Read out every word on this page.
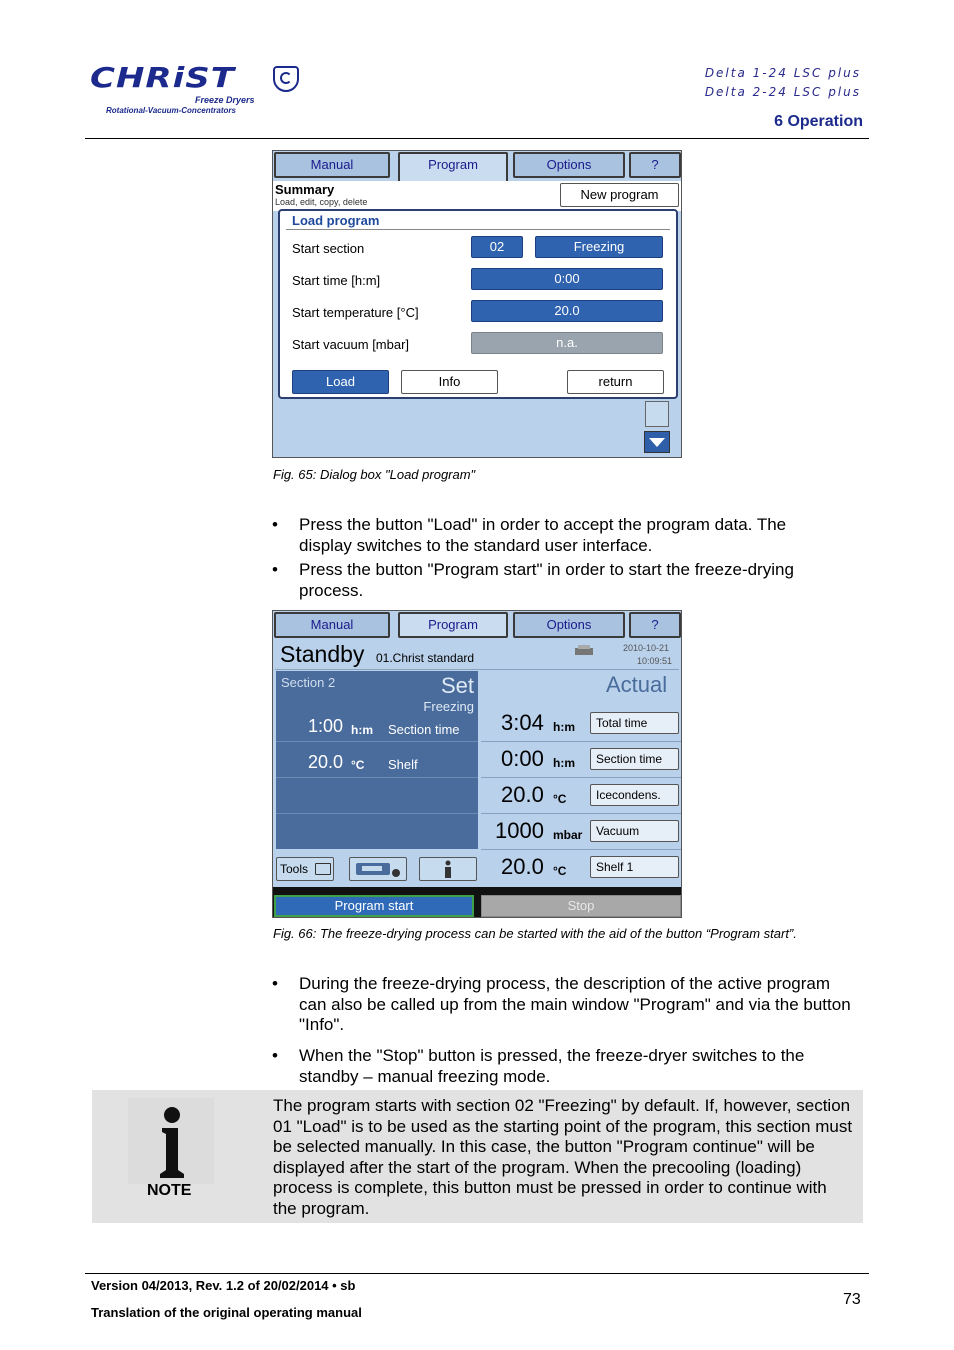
CHRiST
Freeze Dryers
Rotational-Vacuum-Concentrators
Delta 1-24 LSC plus
Delta 2-24 LSC plus
6 Operation
Manual	Program	Options	?
Summary
Load, edit, copy, delete	New program
Load program
Start section	02	Freezing
Start time [h:m]	0:00
Start temperature [°C]	20.0
Start vacuum [mbar]	n.a.
Load	Info	return
Fig. 65: Dialog box "Load program"
• Press the button "Load" in order to accept the program data. The display switches to the standard user interface.
• Press the button "Program start" in order to start the freeze-drying process.
Manual	Program	Options	?
Standby 01.Christ standard
2010-10-21
10:09:51
Section 2	Set
Freezing
1:00 h:m Section time
20.0 °C Shelf
Actual
3:04 h:m	Total time
0:00 h:m	Section time
20.0 °C	Icecondens.
1000 mbar	Vacuum
20.0 °C	Shelf 1
Tools
Program start	Stop
Fig. 66: The freeze-drying process can be started with the aid of the button “Program start”.
• During the freeze-drying process, the description of the active program can also be called up from the main window "Program" and via the button "Info".
• When the "Stop" button is pressed, the freeze-dryer switches to the standby – manual freezing mode.
NOTE
The program starts with section 02 "Freezing" by default. If, however, section 01 "Load" is to be used as the starting point of the program, this section must be selected manually. In this case, the button "Program continue" will be displayed after the start of the program. When the precooling (loading) process is complete, this button must be pressed in order to continue with the program.
Version 04/2013, Rev. 1.2 of 20/02/2014 • sb
Translation of the original operating manual
73
